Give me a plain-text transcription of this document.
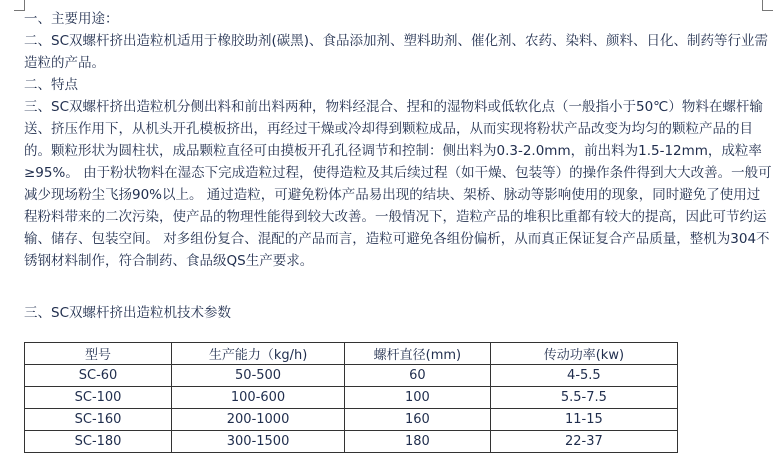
一、主要用途：

二、SC双螺杆挤出造粒机适用于橡胶助剂(碳黑)、食品添加剂、塑料助剂、催化剂、农药、染料、颜料、日化、制药等行业需造粒的产品。

二、特点

三、SC双螺杆挤出造粒机分侧出料和前出料两种，物料经混合、捏和的湿物料或低软化点（一般指小于50℃）物料在螺杆输送、挤压作用下，从机头开孔模板挤出，再经过干燥或冷却得到颗粒成品，从而实现将粉状产品改变为均匀的颗粒产品的目的。颗粒形状为圆柱状，成品颗粒直径可由摸板开孔孔径调节和控制：侧出料为0.3-2.0mm，前出料为1.5-12mm，成粒率≥95%。 由于粉状物料在湿态下完成造粒过程，使得造粒及其后续过程（如干燥、包装等）的操作条件得到大大改善。一般可减少现场粉尘飞扬90%以上。 通过造粒，可避免粉体产品易出现的结块、架桥、脉动等影响使用的现象，同时避免了使用过程粉料带来的二次污染，使产品的物理性能得到较大改善。一般情况下，造粒产品的堆积比重都有较大的提高，因此可节约运输、储存、包装空间。 对多组份复合、混配的产品而言，造粒可避免各组份偏析，从而真正保证复合产品质量，整机为304不锈钢材料制作，符合制药、食品级QS生产要求。

三、SC双螺杆挤出造粒机技术参数
型号	生产能力（kg/h)	螺杆直径(mm)	传动功率(kw)
SC-60	50-500	60	4-5.5
SC-100	100-600	100	5.5-7.5
SC-160	200-1000	160	11-15
SC-180	300-1500	180	22-37
